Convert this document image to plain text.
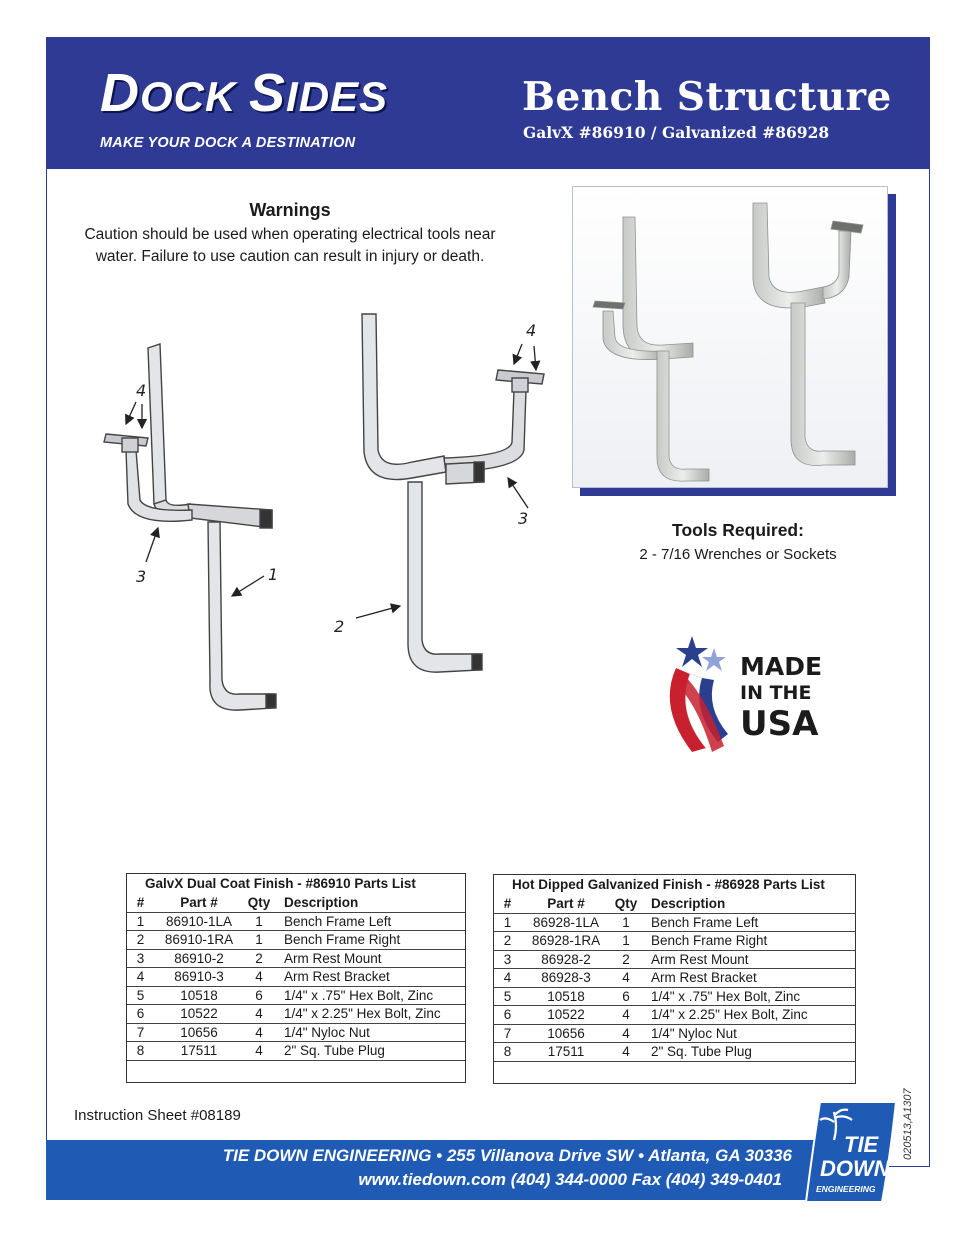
DOCK SIDES
MAKE YOUR DOCK A DESTINATION
Bench Structure
GalvX #86910 / Galvanized #86928
Warnings
Caution should be used when operating electrical tools near water. Failure to use caution can result in injury or death.
4
3	1
4
3
2
Tools Required:
2 - 7/16 Wrenches or Sockets
MADE
IN THE
USA
GalvX Dual Coat Finish - #86910 Parts List
#	Part #	Qty	Description
1	86910-1LA	1	Bench Frame Left
2	86910-1RA	1	Bench Frame Right
3	86910-2	2	Arm Rest Mount
4	86910-3	4	Arm Rest Bracket
5	10518	6	1/4" x .75" Hex Bolt, Zinc
6	10522	4	1/4" x 2.25" Hex Bolt, Zinc
7	10656	4	1/4" Nyloc Nut
8	17511	4	2" Sq. Tube Plug

Hot Dipped Galvanized Finish - #86928 Parts List
#	Part #	Qty	Description
1	86928-1LA	1	Bench Frame Left
2	86928-1RA	1	Bench Frame Right
3	86928-2	2	Arm Rest Mount
4	86928-3	4	Arm Rest Bracket
5	10518	6	1/4" x .75" Hex Bolt, Zinc
6	10522	4	1/4" x 2.25" Hex Bolt, Zinc
7	10656	4	1/4" Nyloc Nut
8	17511	4	2" Sq. Tube Plug

Instruction Sheet #08189
TIE DOWN ENGINEERING • 255 Villanova Drive SW • Atlanta, GA 30336
www.tiedown.com (404) 344-0000 Fax (404) 349-0401
TIE
DOWN
ENGINEERING
020513,A1307
